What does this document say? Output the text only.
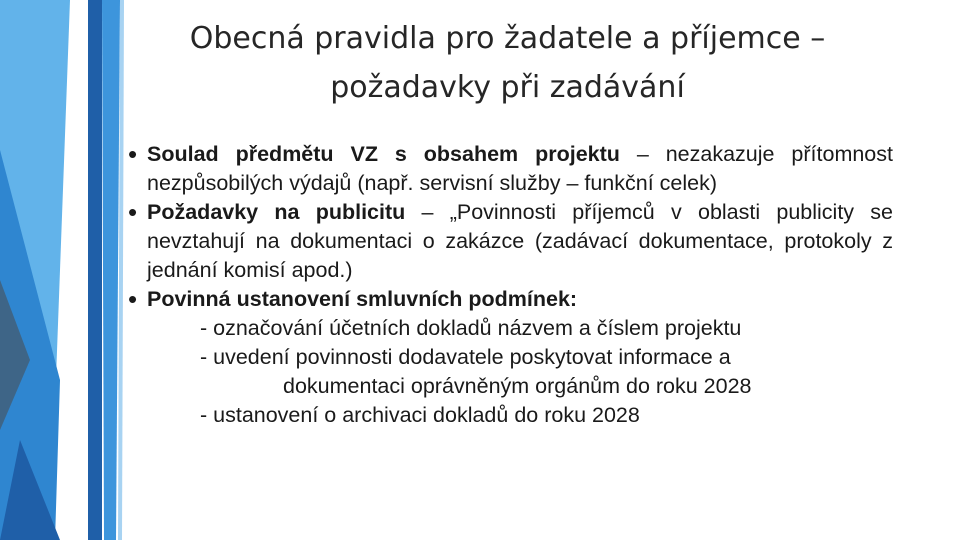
Obecná pravidla pro žadatele a příjemce –
požadavky při zadávání
• Soulad předmětu VZ s obsahem projektu – nezakazuje přítomnost nezpůsobilých výdajů (např. servisní služby – funkční celek)
• Požadavky na publicitu – „Povinnosti příjemců v oblasti publicity se nevztahují na dokumentaci o zakázce (zadávací dokumentace, protokoly z jednání komisí apod.)
• Povinná ustanovení smluvních podmínek:
- označování účetních dokladů názvem a číslem projektu
- uvedení povinnosti dodavatele poskytovat informace a
dokumentaci oprávněným orgánům do roku 2028
- ustanovení o archivaci dokladů do roku 2028
